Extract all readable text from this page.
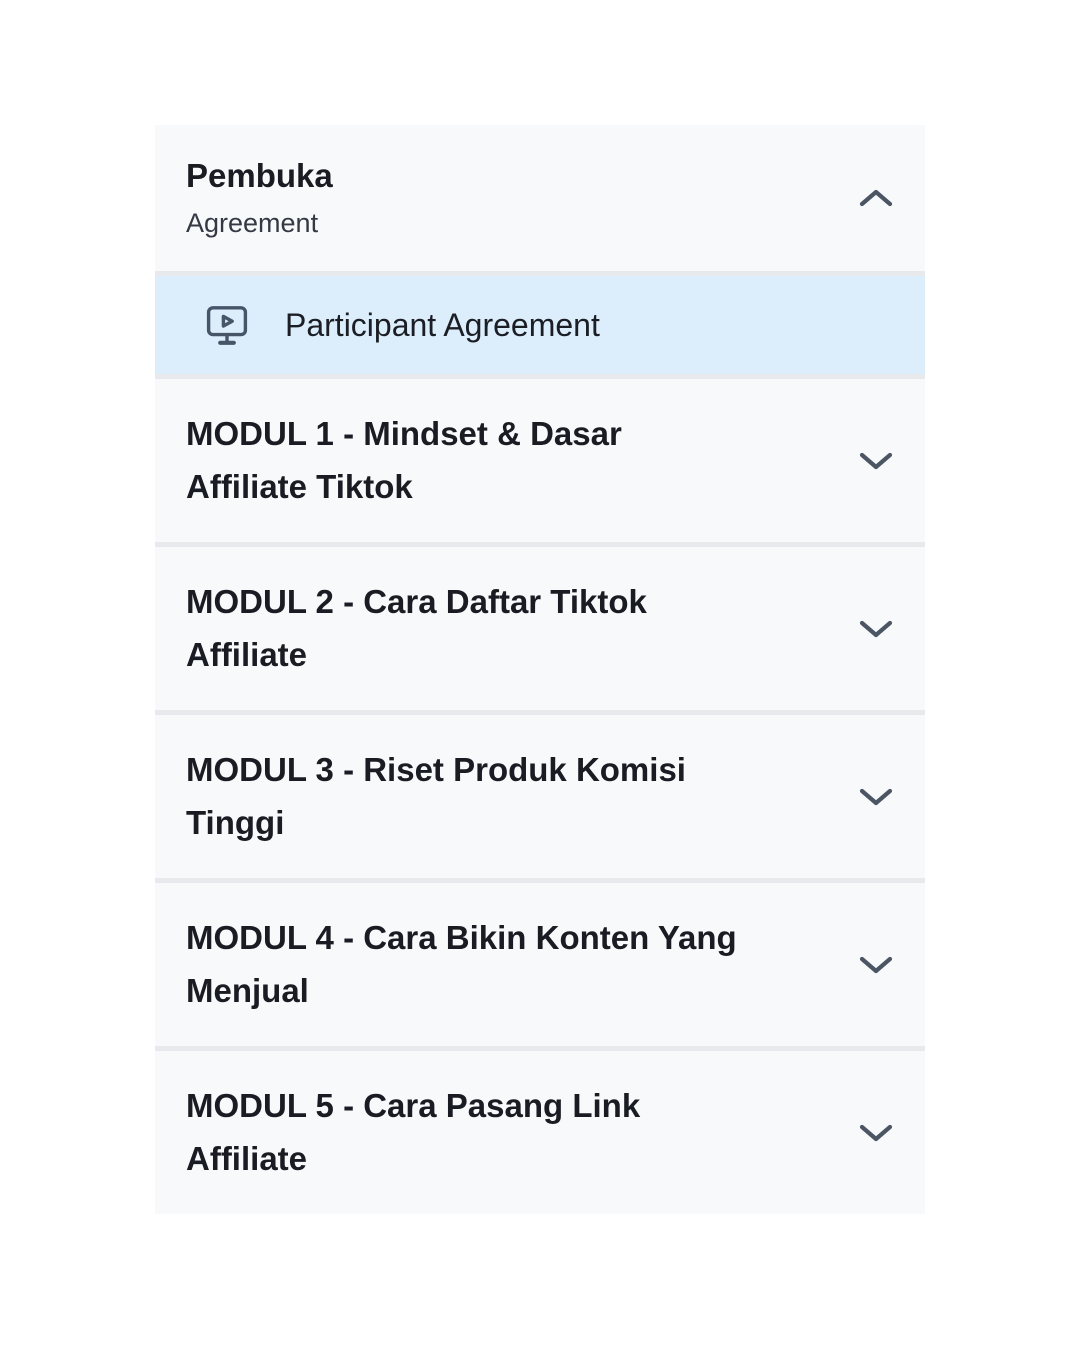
Pembuka
Agreement
Participant Agreement
MODUL 1 - Mindset & Dasar Affiliate Tiktok
MODUL 2 - Cara Daftar Tiktok Affiliate
MODUL 3 - Riset Produk Komisi Tinggi
MODUL 4 - Cara Bikin Konten Yang Menjual
MODUL 5 - Cara Pasang Link Affiliate
